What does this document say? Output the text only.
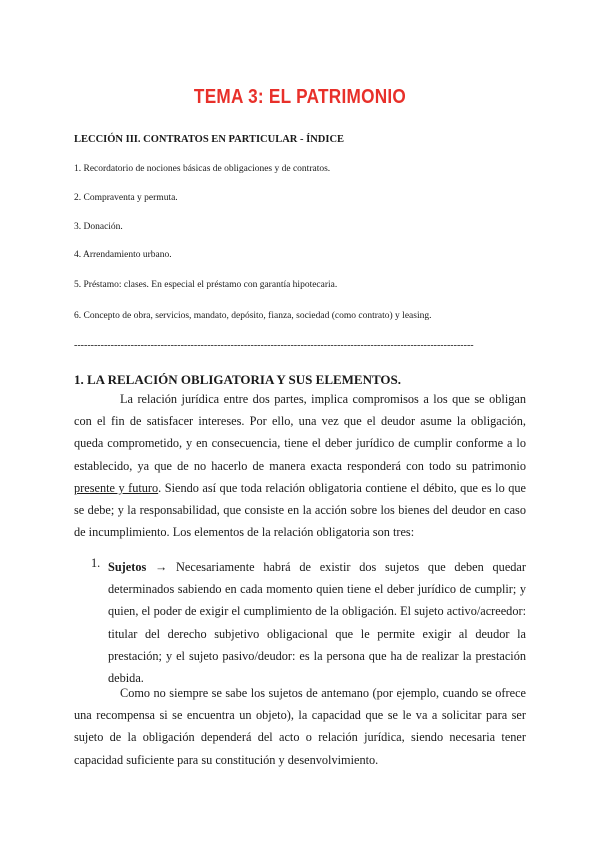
TEMA 3: EL PATRIMONIO
LECCIÓN III. CONTRATOS EN PARTICULAR - ÍNDICE
1. Recordatorio de nociones básicas de obligaciones y de contratos.
2. Compraventa y permuta.
3. Donación.
4. Arrendamiento urbano.
5. Préstamo: clases. En especial el préstamo con garantía hipotecaria.
6. Concepto de obra, servicios, mandato, depósito, fianza, sociedad (como contrato) y leasing.
------------------------------------------------------------------------------------------------------------------------
1. LA RELACIÓN OBLIGATORIA Y SUS ELEMENTOS.
La relación jurídica entre dos partes, implica compromisos a los que se obligan con el fin de satisfacer intereses. Por ello, una vez que el deudor asume la obligación, queda comprometido, y en consecuencia, tiene el deber jurídico de cumplir conforme a lo establecido, ya que de no hacerlo de manera exacta responderá con todo su patrimonio presente y futuro. Siendo así que toda relación obligatoria contiene el débito, que es lo que se debe; y la responsabilidad, que consiste en la acción sobre los bienes del deudor en caso de incumplimiento. Los elementos de la relación obligatoria son tres:
1. Sujetos → Necesariamente habrá de existir dos sujetos que deben quedar determinados sabiendo en cada momento quien tiene el deber jurídico de cumplir; y quien, el poder de exigir el cumplimiento de la obligación. El sujeto activo/acreedor: titular del derecho subjetivo obligacional que le permite exigir al deudor la prestación; y el sujeto pasivo/deudor: es la persona que ha de realizar la prestación debida.
Como no siempre se sabe los sujetos de antemano (por ejemplo, cuando se ofrece una recompensa si se encuentra un objeto), la capacidad que se le va a solicitar para ser sujeto de la obligación dependerá del acto o relación jurídica, siendo necesaria tener capacidad suficiente para su constitución y desenvolvimiento.
